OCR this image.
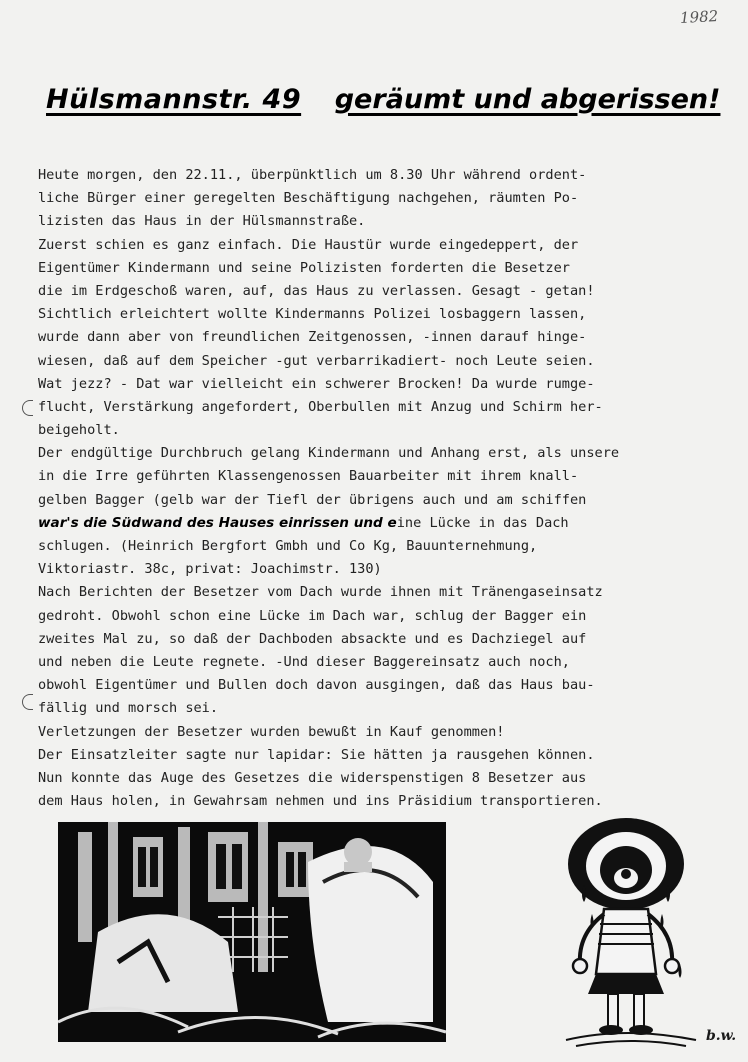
1982
Hülsmannstr. 49 geräumt und abgerissen!
Heute morgen, den 22.11., überpünktlich um 8.30 Uhr während ordent-
liche Bürger einer geregelten Beschäftigung nachgehen, räumten Po-
lizisten das Haus in der Hülsmannstraße.
Zuerst schien es ganz einfach. Die Haustür wurde eingedeppert, der
Eigentümer Kindermann und seine Polizisten forderten die Besetzer
die im Erdgeschoß waren, auf, das Haus zu verlassen. Gesagt - getan!
Sichtlich erleichtert wollte Kindermanns Polizei losbaggern lassen,
wurde dann aber von freundlichen Zeitgenossen, -innen darauf hinge-
wiesen, daß auf dem Speicher -gut verbarrikadiert- noch Leute seien.
Wat jezz? - Dat war vielleicht ein schwerer Brocken! Da wurde rumge-
flucht, Verstärkung angefordert, Oberbullen mit Anzug und Schirm her-
beigeholt.
Der endgültige Durchbruch gelang Kindermann und Anhang erst, als unsere
in die Irre geführten Klassengenossen Bauarbeiter mit ihrem knall-
gelben Bagger (gelb war der Tiefl der übrigens auch und am schiffen
war's die Südwand des Hauses einrissen und eine Lücke in das Dach
schlugen. (Heinrich Bergfort Gmbh und Co Kg, Bauunternehmung,
Viktoriastr. 38c, privat: Joachimstr. 130)
Nach Berichten der Besetzer vom Dach wurde ihnen mit Tränengaseinsatz
gedroht. Obwohl schon eine Lücke im Dach war, schlug der Bagger ein
zweites Mal zu, so daß der Dachboden absackte und es Dachziegel auf
und neben die Leute regnete. -Und dieser Baggereinsatz auch noch,
obwohl Eigentümer und Bullen doch davon ausgingen, daß das Haus bau-
fällig und morsch sei.
Verletzungen der Besetzer wurden bewußt in Kauf genommen!
Der Einsatzleiter sagte nur lapidar: Sie hätten ja rausgehen können.
Nun konnte das Auge des Gesetzes die widerspenstigen 8 Besetzer aus
dem Haus holen, in Gewahrsam nehmen und ins Präsidium transportieren.
b.w.
